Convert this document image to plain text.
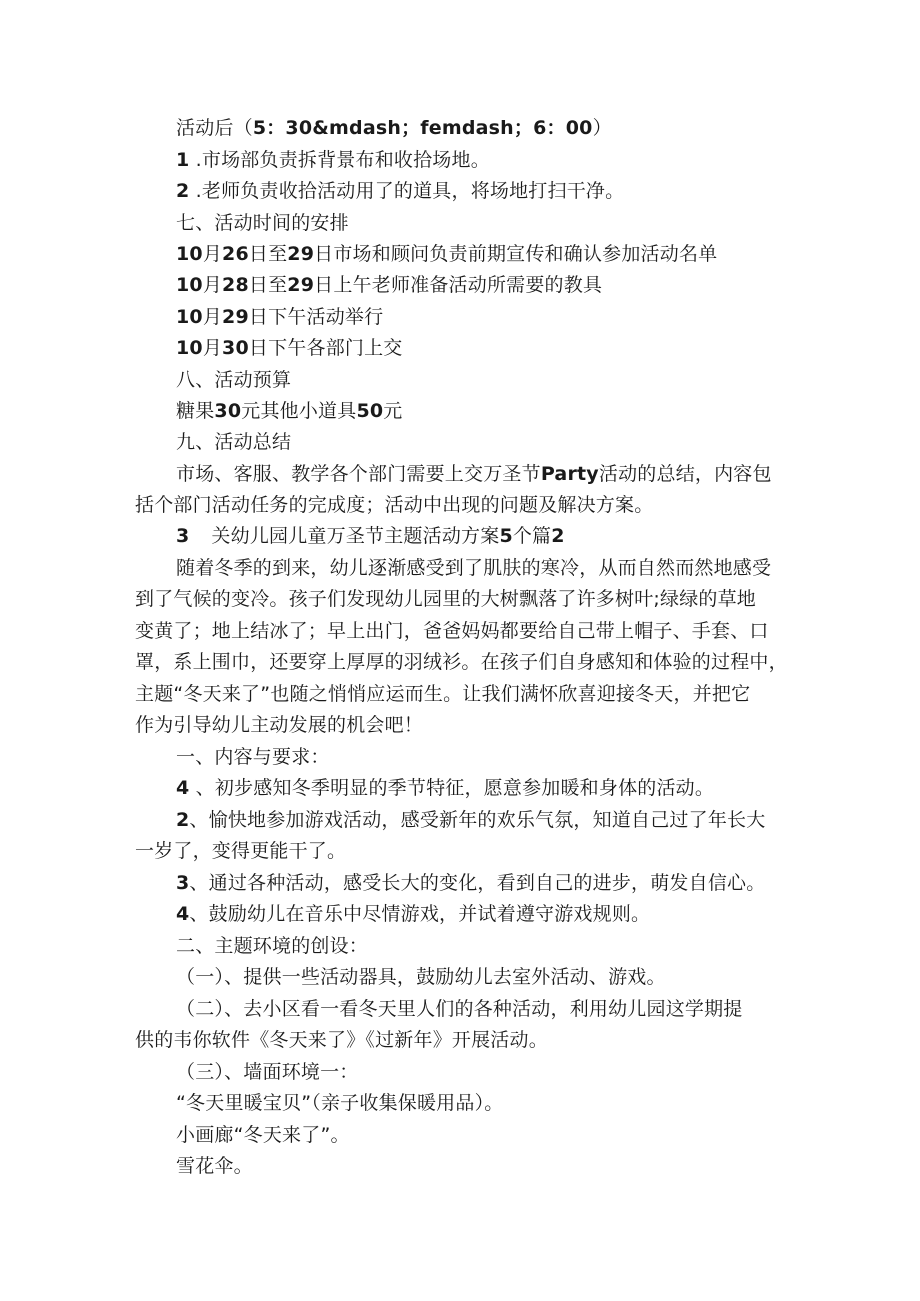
活动后（5：30&mdash；femdash；6：00）
1 .市场部负责拆背景布和收拾场地。
2 .老师负责收拾活动用了的道具，将场地打扫干净。
七、活动时间的安排
10月26日至29日市场和顾问负责前期宣传和确认参加活动名单
10月28日至29日上午老师准备活动所需要的教具
10月29日下午活动举行
10月30日下午各部门上交
八、活动预算
糖果30元其他小道具50元
九、活动总结
市场、客服、教学各个部门需要上交万圣节Party活动的总结，内容包
括个部门活动任务的完成度；活动中出现的问题及解决方案。
3 关幼儿园儿童万圣节主题活动方案5个篇2
随着冬季的到来，幼儿逐渐感受到了肌肤的寒冷，从而自然而然地感受
到了气候的变冷。孩子们发现幼儿园里的大树飘落了许多树叶;绿绿的草地
变黄了；地上结冰了；早上出门，爸爸妈妈都要给自己带上帽子、手套、口
罩，系上围巾，还要穿上厚厚的羽绒衫。在孩子们自身感知和体验的过程中，
主题“冬天来了”也随之悄悄应运而生。让我们满怀欣喜迎接冬天，并把它
作为引导幼儿主动发展的机会吧！
一、内容与要求：
4 、初步感知冬季明显的季节特征，愿意参加暖和身体的活动。
2、愉快地参加游戏活动，感受新年的欢乐气氛，知道自己过了年长大
一岁了，变得更能干了。
3、通过各种活动，感受长大的变化，看到自己的进步，萌发自信心。
4、鼓励幼儿在音乐中尽情游戏，并试着遵守游戏规则。
二、主题环境的创设：
（一）、提供一些活动器具，鼓励幼儿去室外活动、游戏。
（二）、去小区看一看冬天里人们的各种活动，利用幼儿园这学期提
供的韦你软件《冬天来了》《过新年》开展活动。
（三）、墙面环境一：
“冬天里暖宝贝”（亲子收集保暖用品）。
小画廊“冬天来了”。
雪花伞。
